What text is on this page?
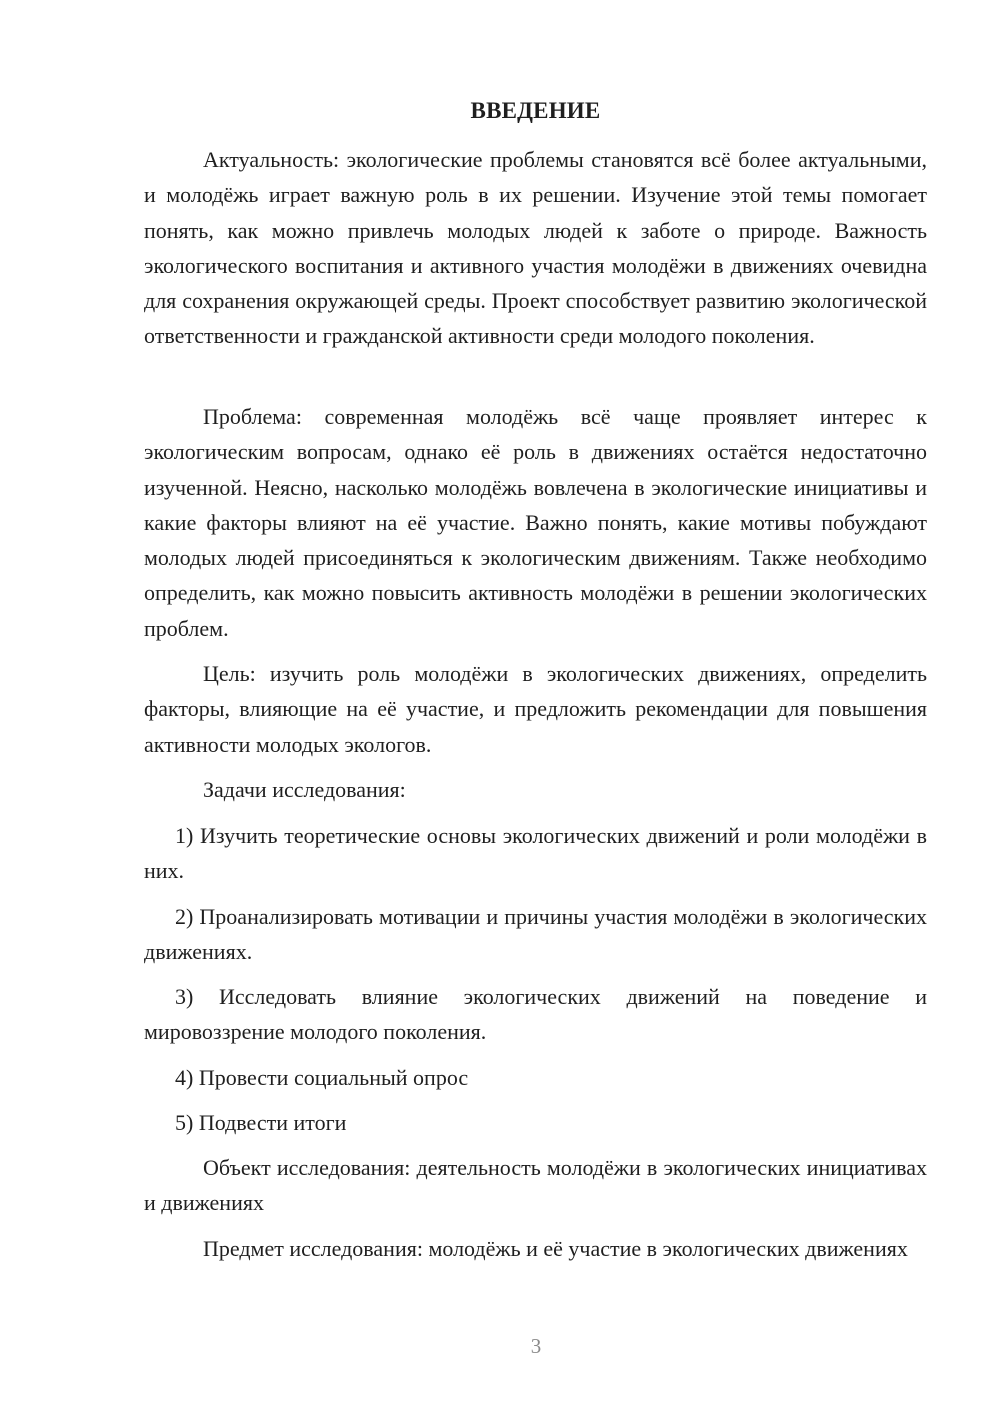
ВВЕДЕНИЕ

Актуальность: экологические проблемы становятся всё более актуальными, и молодёжь играет важную роль в их решении. Изучение этой темы помогает понять, как можно привлечь молодых людей к заботе о природе. Важность экологического воспитания и активного участия молодёжи в движениях очевидна для сохранения окружающей среды. Проект способствует развитию экологической ответственности и гражданской активности среди молодого поколения.

Проблема: современная молодёжь всё чаще проявляет интерес к экологическим вопросам, однако её роль в движениях остаётся недостаточно изученной. Неясно, насколько молодёжь вовлечена в экологические инициативы и какие факторы влияют на её участие. Важно понять, какие мотивы побуждают молодых людей присоединяться к экологическим движениям. Также необходимо определить, как можно повысить активность молодёжи в решении экологических проблем.

Цель: изучить роль молодёжи в экологических движениях, определить факторы, влияющие на её участие, и предложить рекомендации для повышения активности молодых экологов.

Задачи исследования:

1) Изучить теоретические основы экологических движений и роли молодёжи в них.

2) Проанализировать мотивации и причины участия молодёжи в экологических движениях.

3) Исследовать влияние экологических движений на поведение и мировоззрение молодого поколения.

4) Провести социальный опрос

5) Подвести итоги

Объект исследования: деятельность молодёжи в экологических инициативах и движениях

Предмет исследования: молодёжь и её участие в экологических движениях

3
